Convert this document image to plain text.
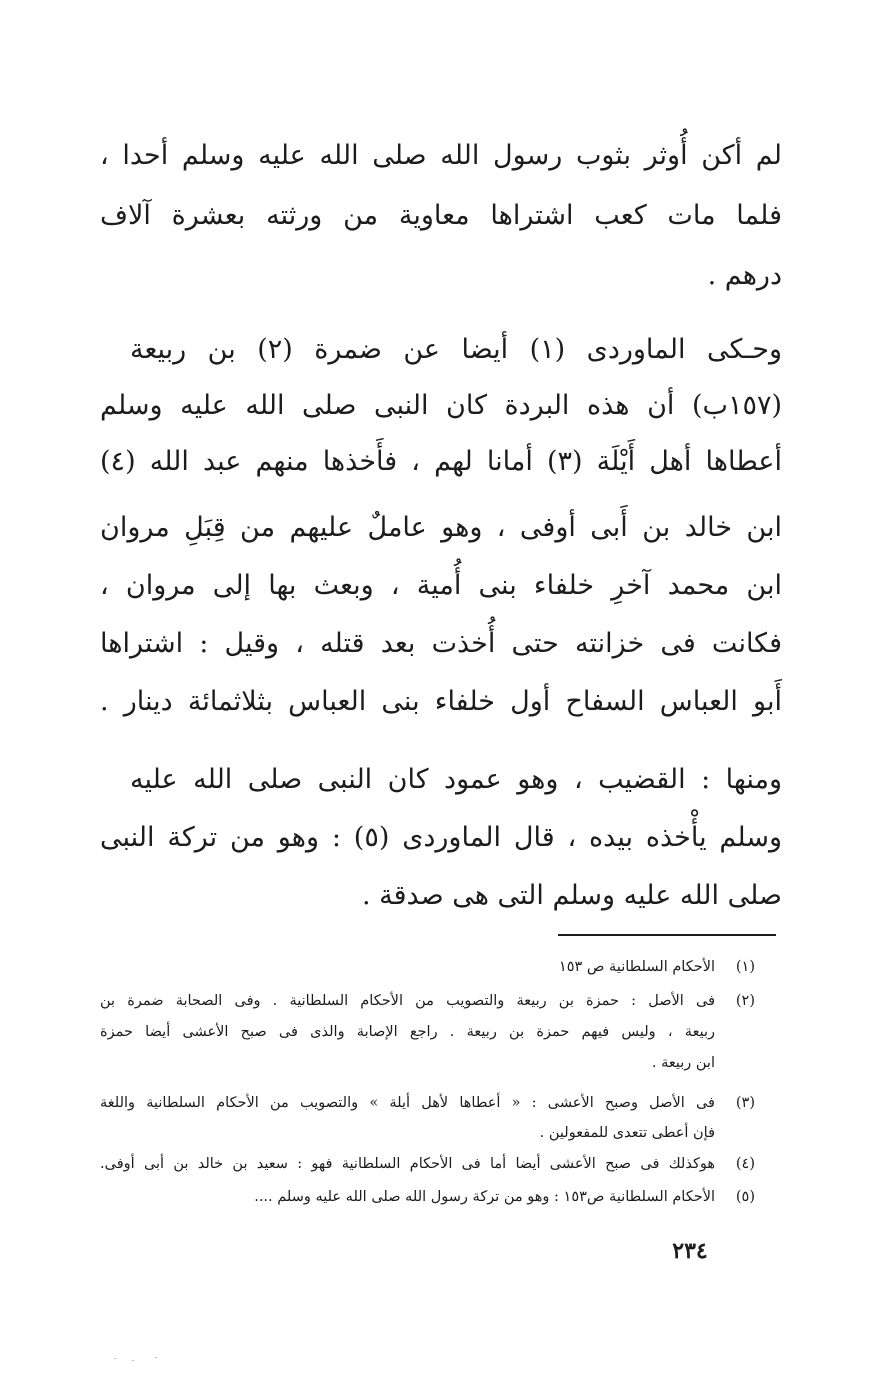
لم أكن أُوثر بثوب رسول الله صلى الله عليه وسلم أحدا ،
فلما مات كعب اشتراها معاوية من ورثته بعشرة آلاف
درهم .
وحـكى الماوردى (١) أيضا عن ضمرة (٢) بن ربيعة
(١٥٧ب) أن هذه البردة كان النبى صلى الله عليه وسلم
أعطاها أهل أَيْلَة (٣) أمانا لهم ، فأَخذها منهم عبد الله (٤)
ابن خالد بن أَبى أوفى ، وهو عاملٌ عليهم من قِبَلِ مروان
ابن محمد آخرِ خلفاء بنى أُمية ، وبعث بها إلى مروان ،
فكانت فى خزانته حتى أُخذت بعد قتله ، وقيل : اشتراها
أَبو العباس السفاح أول خلفاء بنى العباس بثلاثمائة دينار .
ومنها : القضيب ، وهو عمود كان النبى صلى الله عليه
وسلم يأْخذه بيده ، قال الماوردى (٥) : وهو من تركة النبى
صلى الله عليه وسلم التى هى صدقة .
(١)
الأحكام السلطانية ص ١٥٣
(٢)
فى الأصل : حمزة بن ربيعة والتصويب من الأحكام السلطانية . وفى الصحابة ضمرة بن
ربيعة ، وليس فيهم حمزة بن ربيعة . راجع الإصابة والذى فى صبح الأعشى أيضا حمزة
ابن ربيعة .
(٣)
فى الأصل وصبح الأعشى : « أعطاها لأهل أيلة » والتصويب من الأحكام السلطانية واللغة
فإن أعطى تتعدى للمفعولين .
(٤)
هوكذلك فى صبح الأعشى أيضا أما فى الأحكام السلطانية فهو : سعيد بن خالد بن أبى أوفى.
(٥)
الأحكام السلطانية ص١٥٣ : وهو من تركة رسول الله صلى الله عليه وسلم ....
٢٣٤
